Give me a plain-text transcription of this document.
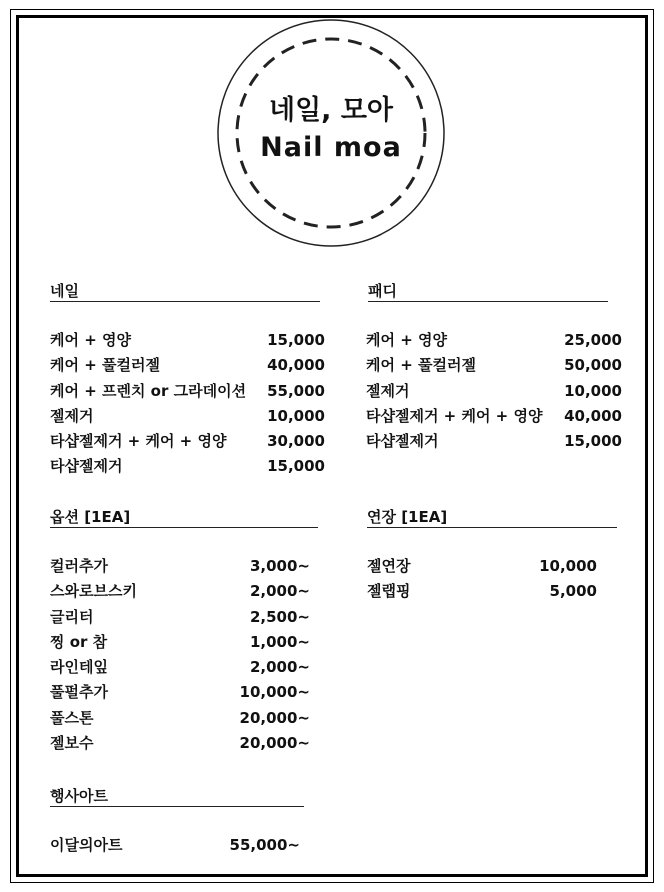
네일, 모아
Nail moa
네일
케어 + 영양	15,000
케어 + 풀컬러젤	40,000
케어 + 프렌치 or 그라데이션 55,000
젤제거	10,000
타샵젤제거 + 케어 + 영양	30,000
타샵젤제거	15,000
패디
케어 + 영양	25,000
케어 + 풀컬러젤	50,000
젤제거	10,000
타샵젤제거 + 케어 + 영양 40,000
타샵젤제거	15,000
옵션 [1EA]
컬러추가	3,000~
스와로브스키	2,000~
글리터	2,500~
찡 or 참	1,000~
라인테잎	2,000~
풀펄추가	10,000~
풀스톤	20,000~
젤보수	20,000~
연장 [1EA]
젤연장	10,000
젤랩핑	5,000
행사아트
이달의아트	55,000~
